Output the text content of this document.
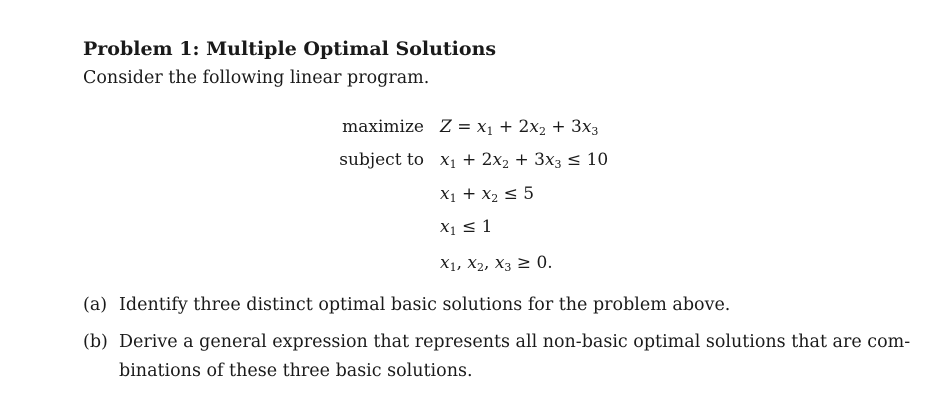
Problem 1: Multiple Optimal Solutions
Consider the following linear program.
maximize $Z = x_1 + 2x_2 + 3x_3$
subject to $x_1 + 2x_2 + 3x_3 \le 10$
$x_1 + x_2 \le 5$
$x_1 \le 1$
$x_1$, $x_2$, $x_3 \ge 0$.
(a) Identify three distinct optimal basic solutions for the problem above.
(b) Derive a general expression that represents all non-basic optimal solutions that are com-
binations of these three basic solutions.
